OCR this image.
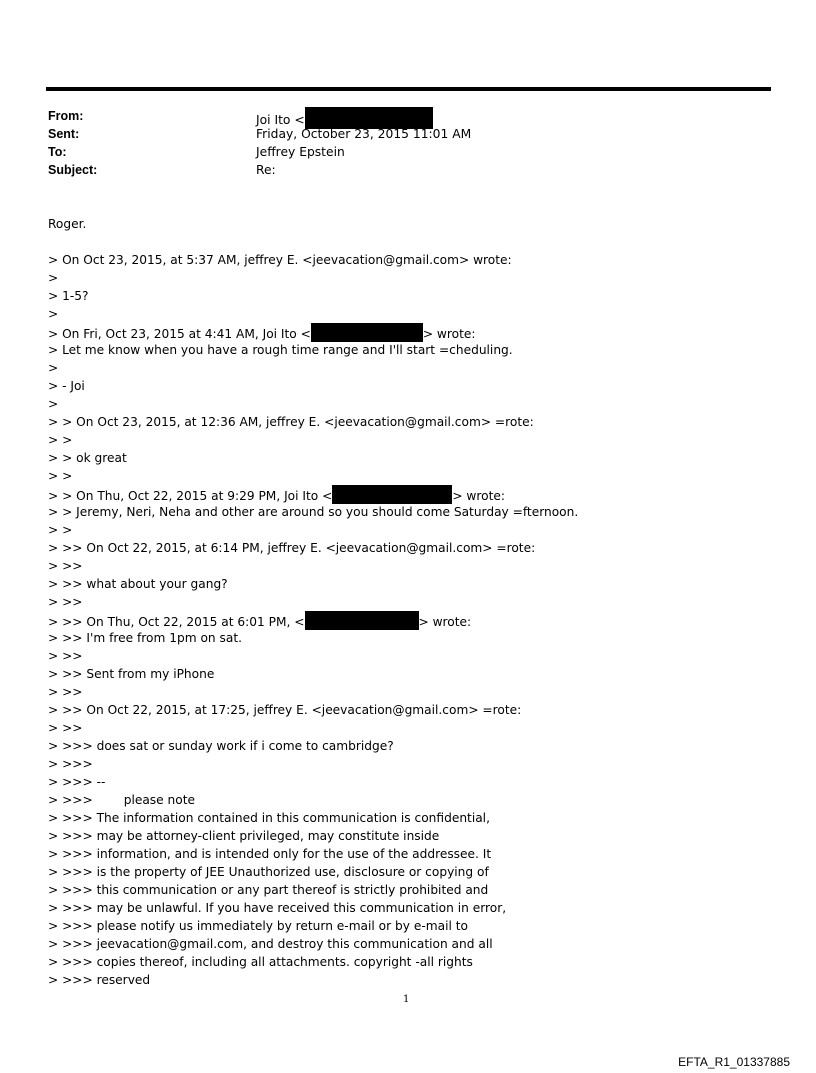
From:	Joi Ito <
Sent:	Friday, October 23, 2015 11:01 AM
To:	Jeffrey Epstein
Subject:	Re:
Roger.
> On Oct 23, 2015, at 5:37 AM, jeffrey E. <jeevacation@gmail.com> wrote:
>
> 1-5?
>
> On Fri, Oct 23, 2015 at 4:41 AM, Joi Ito <	> wrote:
> Let me know when you have a rough time range and I'll start =cheduling.
>
> - Joi
>
> > On Oct 23, 2015, at 12:36 AM, jeffrey E. <jeevacation@gmail.com> =rote:
> >
> > ok great
> >
> > On Thu, Oct 22, 2015 at 9:29 PM, Joi Ito <	> wrote:
> > Jeremy, Neri, Neha and other are around so you should come Saturday =fternoon.
> >
> >> On Oct 22, 2015, at 6:14 PM, jeffrey E. <jeevacation@gmail.com> =rote:
> >>
> >> what about your gang?
> >>
> >> On Thu, Oct 22, 2015 at 6:01 PM, <	> wrote:
> >> I'm free from 1pm on sat.
> >>
> >> Sent from my iPhone
> >>
> >> On Oct 22, 2015, at 17:25, jeffrey E. <jeevacation@gmail.com> =rote:
> >>
> >>> does sat or sunday work if i come to cambridge?
> >>>
> >>> --
> >>>        please note
> >>> The information contained in this communication is confidential,
> >>> may be attorney-client privileged, may constitute inside
> >>> information, and is intended only for the use of the addressee. It
> >>> is the property of JEE Unauthorized use, disclosure or copying of
> >>> this communication or any part thereof is strictly prohibited and
> >>> may be unlawful. If you have received this communication in error,
> >>> please notify us immediately by return e-mail or by e-mail to
> >>> jeevacation@gmail.com, and destroy this communication and all
> >>> copies thereof, including all attachments. copyright -all rights
> >>> reserved
1
EFTA_R1_01337885
